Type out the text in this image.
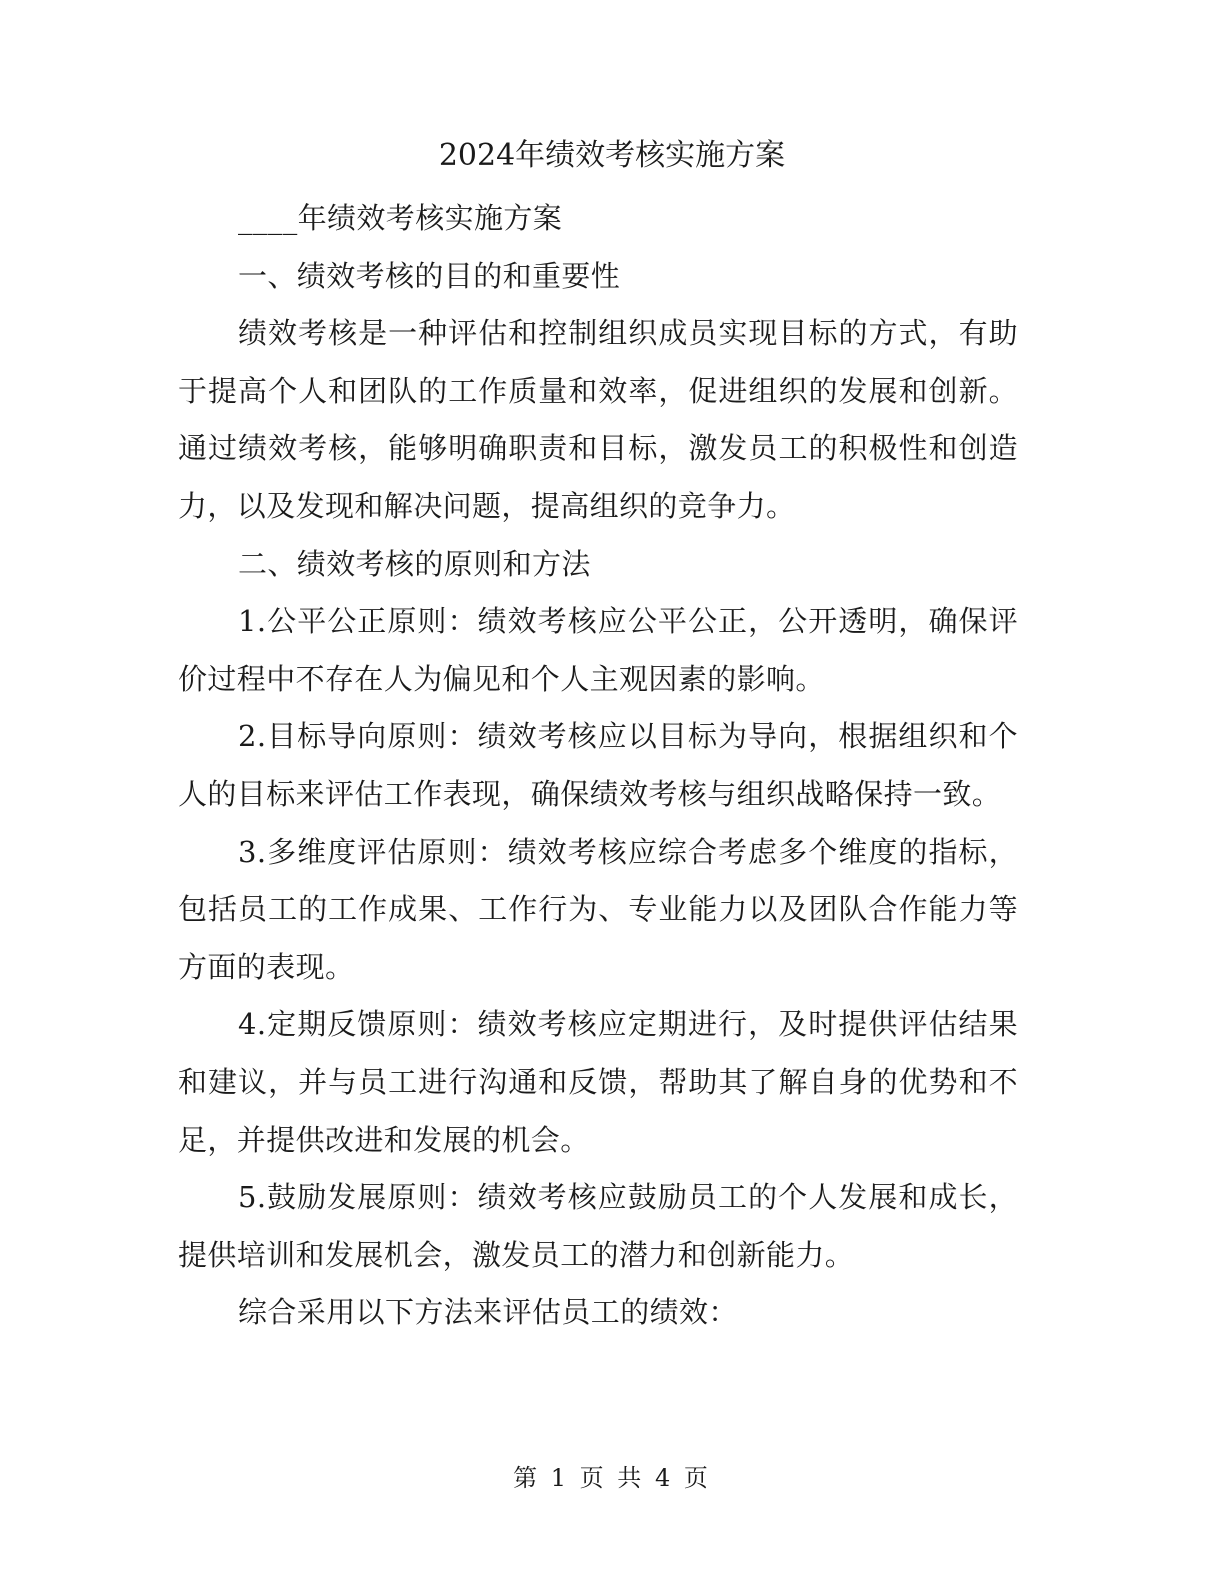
2024年绩效考核实施方案

____年绩效考核实施方案

一、绩效考核的目的和重要性

绩效考核是一种评估和控制组织成员实现目标的方式，有助于提高个人和团队的工作质量和效率，促进组织的发展和创新。通过绩效考核，能够明确职责和目标，激发员工的积极性和创造力，以及发现和解决问题，提高组织的竞争力。

二、绩效考核的原则和方法

1.公平公正原则：绩效考核应公平公正，公开透明，确保评价过程中不存在人为偏见和个人主观因素的影响。

2.目标导向原则：绩效考核应以目标为导向，根据组织和个人的目标来评估工作表现，确保绩效考核与组织战略保持一致。

3.多维度评估原则：绩效考核应综合考虑多个维度的指标，包括员工的工作成果、工作行为、专业能力以及团队合作能力等方面的表现。

4.定期反馈原则：绩效考核应定期进行，及时提供评估结果和建议，并与员工进行沟通和反馈，帮助其了解自身的优势和不足，并提供改进和发展的机会。

5.鼓励发展原则：绩效考核应鼓励员工的个人发展和成长，提供培训和发展机会，激发员工的潜力和创新能力。

综合采用以下方法来评估员工的绩效：

第 1 页 共 4 页
